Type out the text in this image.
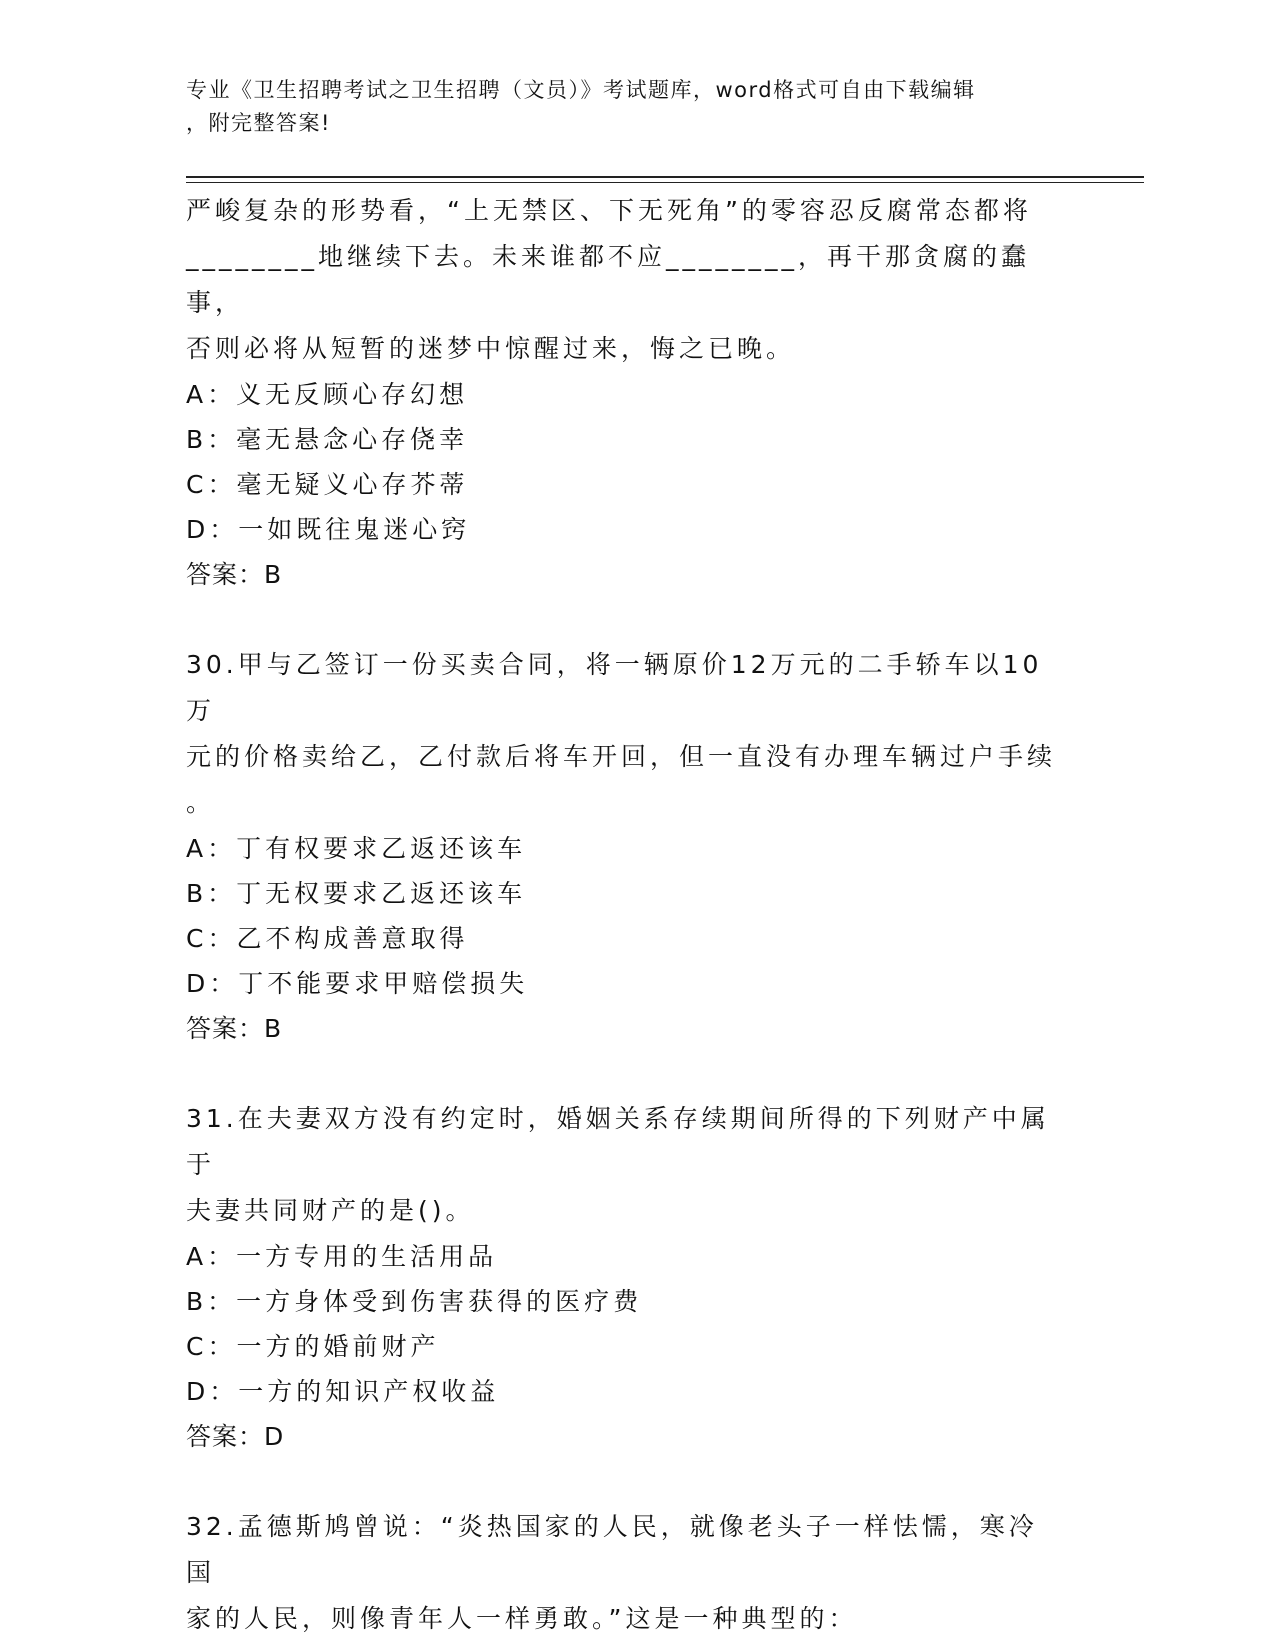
专业《卫生招聘考试之卫生招聘（文员）》考试题库，word格式可自由下载编辑
，附完整答案!

严峻复杂的形势看，“上无禁区、下无死角”的零容忍反腐常态都将

________地继续下去。未来谁都不应________，再干那贪腐的蠢事，

否则必将从短暂的迷梦中惊醒过来，悔之已晚。

A：义无反顾心存幻想

B：毫无悬念心存侥幸

C：毫无疑义心存芥蒂

D：一如既往鬼迷心窍

答案：B

30.甲与乙签订一份买卖合同，将一辆原价12万元的二手轿车以10万

元的价格卖给乙，乙付款后将车开回，但一直没有办理车辆过户手续

。

A：丁有权要求乙返还该车

B：丁无权要求乙返还该车

C：乙不构成善意取得

D：丁不能要求甲赔偿损失

答案：B

31.在夫妻双方没有约定时，婚姻关系存续期间所得的下列财产中属于

夫妻共同财产的是()。

A：一方专用的生活用品

B：一方身体受到伤害获得的医疗费

C：一方的婚前财产

D：一方的知识产权收益

答案：D

32.孟德斯鸠曾说：“炎热国家的人民，就像老头子一样怯懦，寒冷国

家的人民，则像青年人一样勇敢。”这是一种典型的：
